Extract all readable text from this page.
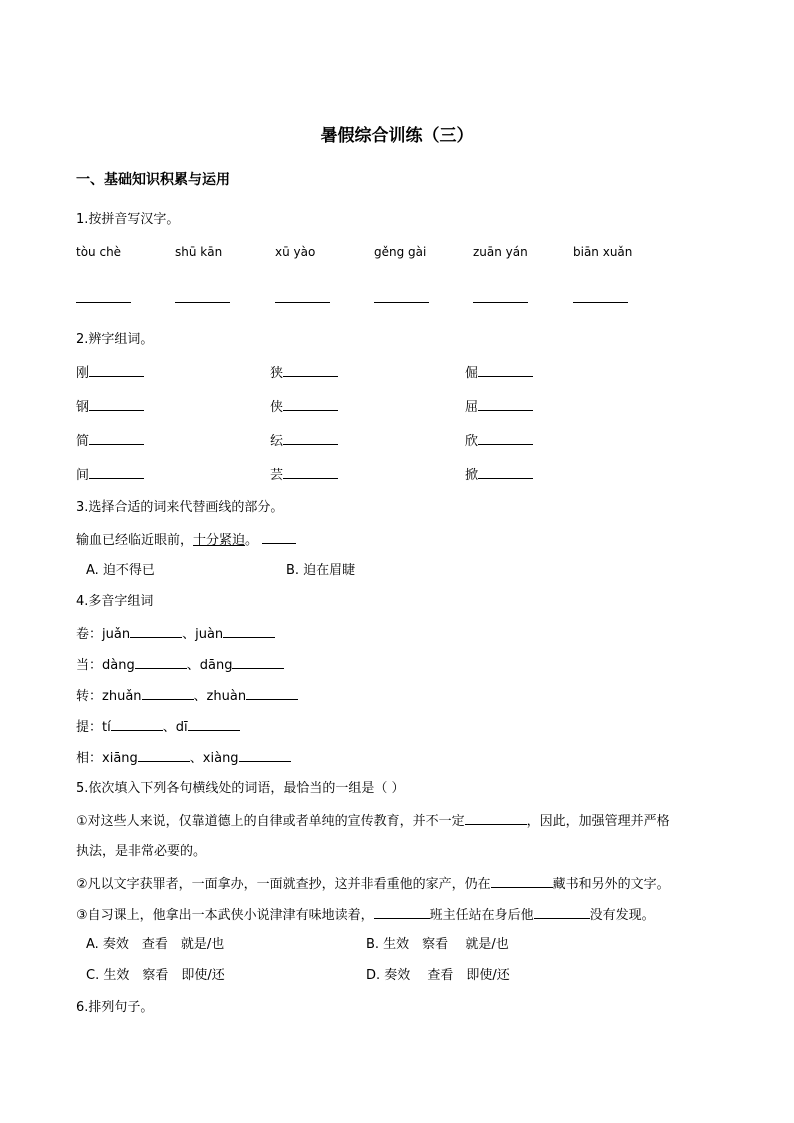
暑假综合训练（三）
一、基础知识积累与运用
1.按拼音写汉字。
tòu chè	shū kān	xū yào	gěng gài	zuān yán	biān xuǎn
2.辨字组词。
刚	狭	倔
钢	侠	屈
简	纭	欣
间	芸	掀
3.选择合适的词来代替画线的部分。
输血已经临近眼前，十分紧迫。
A. 迫不得已	B. 迫在眉睫
4.多音字组词
卷：juǎn	、juàn
当：dàng	、dāng
转：zhuǎn	、zhuàn
提：tí	、dī
相：xiāng	、xiàng
5.依次填入下列各句横线处的词语，最恰当的一组是（ ）
①对这些人来说，仅靠道德上的自律或者单纯的宣传教育，并不一定	，因此，加强管理并严格
执法，是非常必要的。
②凡以文字获罪者，一面拿办，一面就查抄，这并非看重他的家产，仍在	藏书和另外的文字。
③自习课上，他拿出一本武侠小说津津有味地读着，	班主任站在身后他	没有发现。
A. 奏效　查看　就是/也	B. 生效　察看　 就是/也
C. 生效　察看　即使/还	D. 奏效　 查看　即使/还
6.排列句子。
